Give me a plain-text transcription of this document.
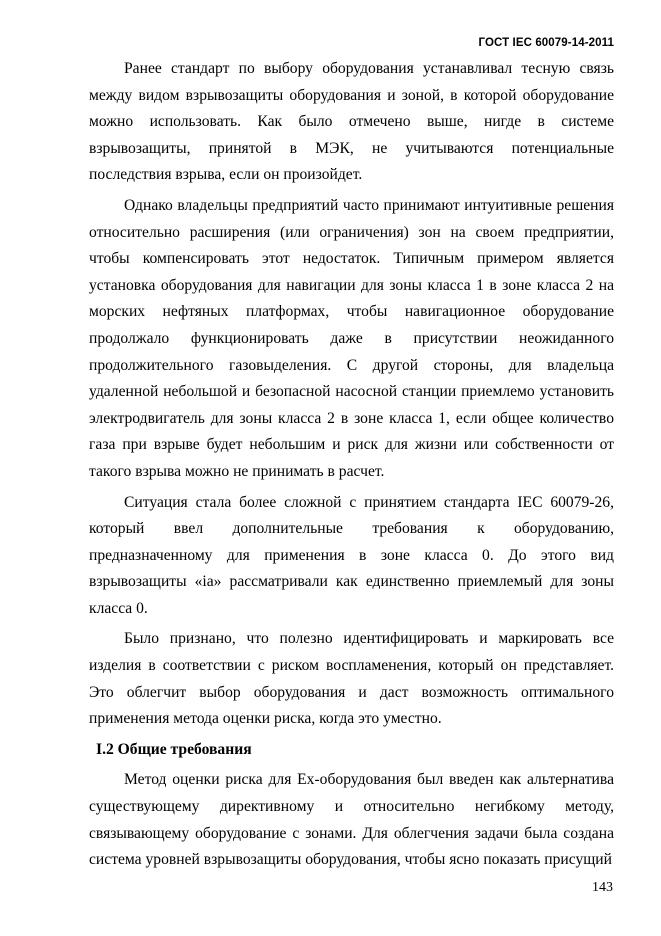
ГОСТ IEC 60079-14-2011

Ранее стандарт по выбору оборудования устанавливал тесную связь между видом взрывозащиты оборудования и зоной, в которой оборудование можно использовать. Как было отмечено выше, нигде в системе взрывозащиты, принятой в МЭК, не учитываются потенциальные последствия взрыва, если он произойдет.

Однако владельцы предприятий часто принимают интуитивные решения относительно расширения (или ограничения) зон на своем предприятии, чтобы компенсировать этот недостаток. Типичным примером является установка оборудования для навигации для зоны класса 1 в зоне класса 2 на морских нефтяных платформах, чтобы навигационное оборудование продолжало функционировать даже в присутствии неожиданного продолжительного газовыделения. С другой стороны, для владельца удаленной небольшой и безопасной насосной станции приемлемо установить электродвигатель для зоны класса 2 в зоне класса 1, если общее количество газа при взрыве будет небольшим и риск для жизни или собственности от такого взрыва можно не принимать в расчет.

Ситуация стала более сложной с принятием стандарта IEC 60079-26, который ввел дополнительные требования к оборудованию, предназначенному для применения в зоне класса 0. До этого вид взрывозащиты «ia» рассматривали как единственно приемлемый для зоны класса 0.

Было признано, что полезно идентифицировать и маркировать все изделия в соответствии с риском воспламенения, который он представляет. Это облегчит выбор оборудования и даст возможность оптимального применения метода оценки риска, когда это уместно.

I.2 Общие требования

Метод оценки риска для Ех-оборудования был введен как альтернатива существующему директивному и относительно негибкому методу, связывающему оборудование с зонами. Для облегчения задачи была создана система уровней взрывозащиты оборудования, чтобы ясно показать присущий

143
